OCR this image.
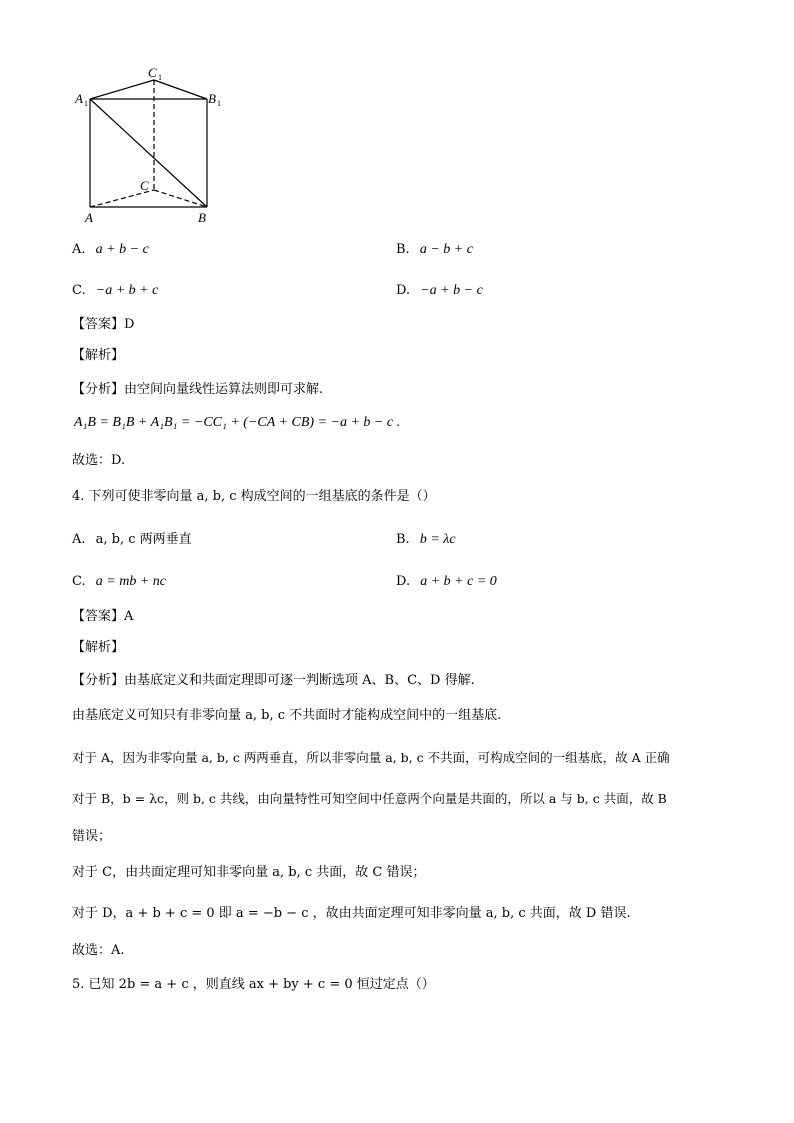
C 1
A 1	B 1
C
A	B
A. a + b − c	B. a − b + c
C. −a + b + c	D. −a + b − c
【答案】D
【解析】
【分析】由空间向量线性运算法则即可求解.
A₁B = B₁B + A₁B₁ = −CC₁ + (−CA + CB) = −a + b − c .
故选：D.
4. 下列可使非零向量 a, b, c 构成空间的一组基底的条件是（）
A. a, b, c 两两垂直	B. b = λc
C. a = mb + nc	D. a + b + c = 0
【答案】A
【解析】
【分析】由基底定义和共面定理即可逐一判断选项 A、B、C、D 得解.
由基底定义可知只有非零向量 a, b, c 不共面时才能构成空间中的一组基底.
对于 A，因为非零向量 a, b, c 两两垂直，所以非零向量 a, b, c 不共面，可构成空间的一组基底，故 A 正确
对于 B，b = λc，则 b, c 共线，由向量特性可知空间中任意两个向量是共面的，所以 a 与 b, c 共面，故 B
错误；
对于 C，由共面定理可知非零向量 a, b, c 共面，故 C 错误；
对于 D，a + b + c = 0 即 a = −b − c ，故由共面定理可知非零向量 a, b, c 共面，故 D 错误.
故选：A.
5. 已知 2b = a + c ，则直线 ax + by + c = 0 恒过定点（）
